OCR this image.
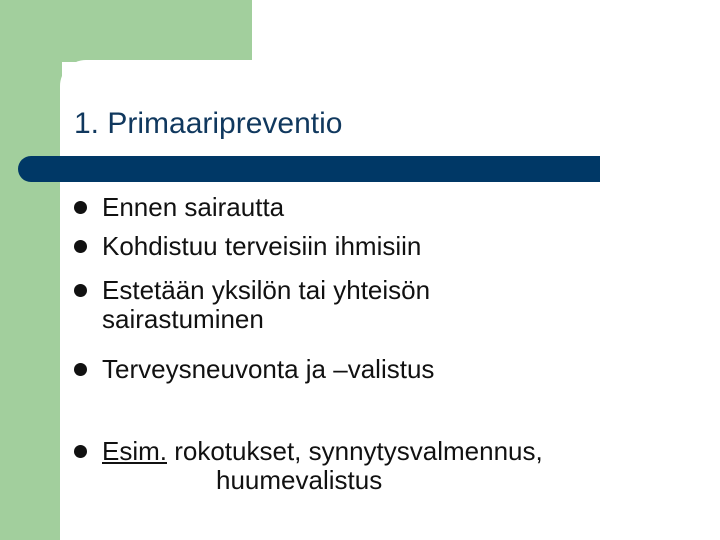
1. Primaaripreventio
Ennen sairautta
Kohdistuu terveisiin ihmisiin
Estetään yksilön tai yhteisön
sairastuminen
Terveysneuvonta ja –valistus
Esim. rokotukset, synnytysvalmennus,
huumevalistus
